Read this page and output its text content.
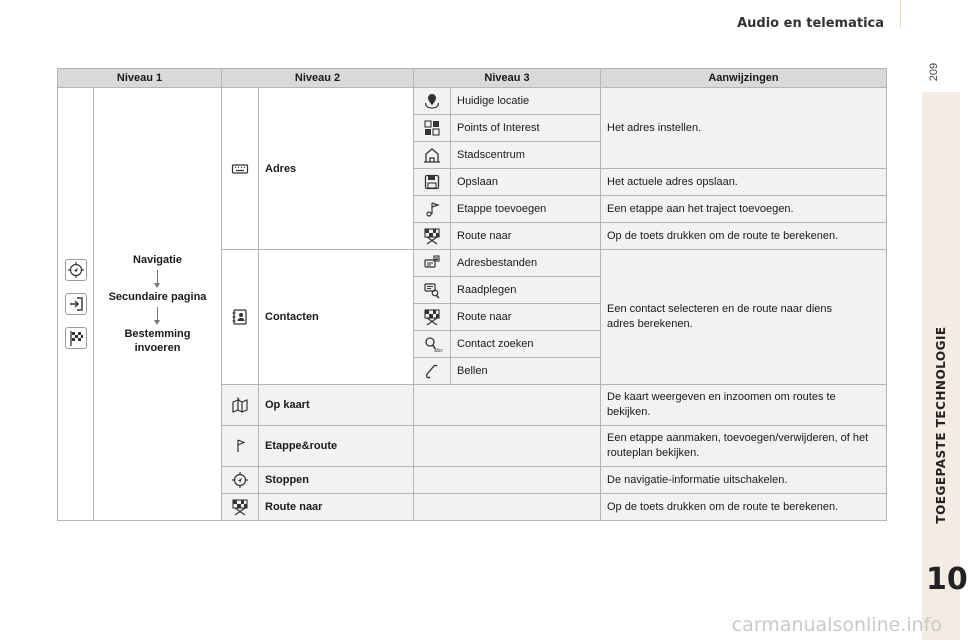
Audio en telematica
209
TOEGEPASTE TECHNOLOGIE
10
Niveau 1		Niveau 2		Niveau 3		Aanwijzingen

Navigatie
Secundaire pagina
Bestemming invoeren		Adres		Huidige locatie	Het adres instellen.
	Points of Interest	
	Stadscentrum	
	Opslaan	Het actuele adres opslaan.
	Etappe toevoegen	Een etappe aan het traject toevoegen.
	Route naar	Op de toets drukken om de route te berekenen.
	Contacten		Adresbestanden	Een contact selecteren en de route naar diens adres berekenen.

	Raadplegen	
	Route naar	

abc	Contact zoeken	
	Bellen	
	Op kaart			De kaart weergeven en inzoomen om routes te bekijken.

	Etappe&route			Een etappe aanmaken, toevoegen/verwijderen, of het routeplan bekijken.

	Stoppen			De navigatie-informatie uitschakelen.
	Route naar			Op de toets drukken om de route te berekenen.
carmanualsonline.info
